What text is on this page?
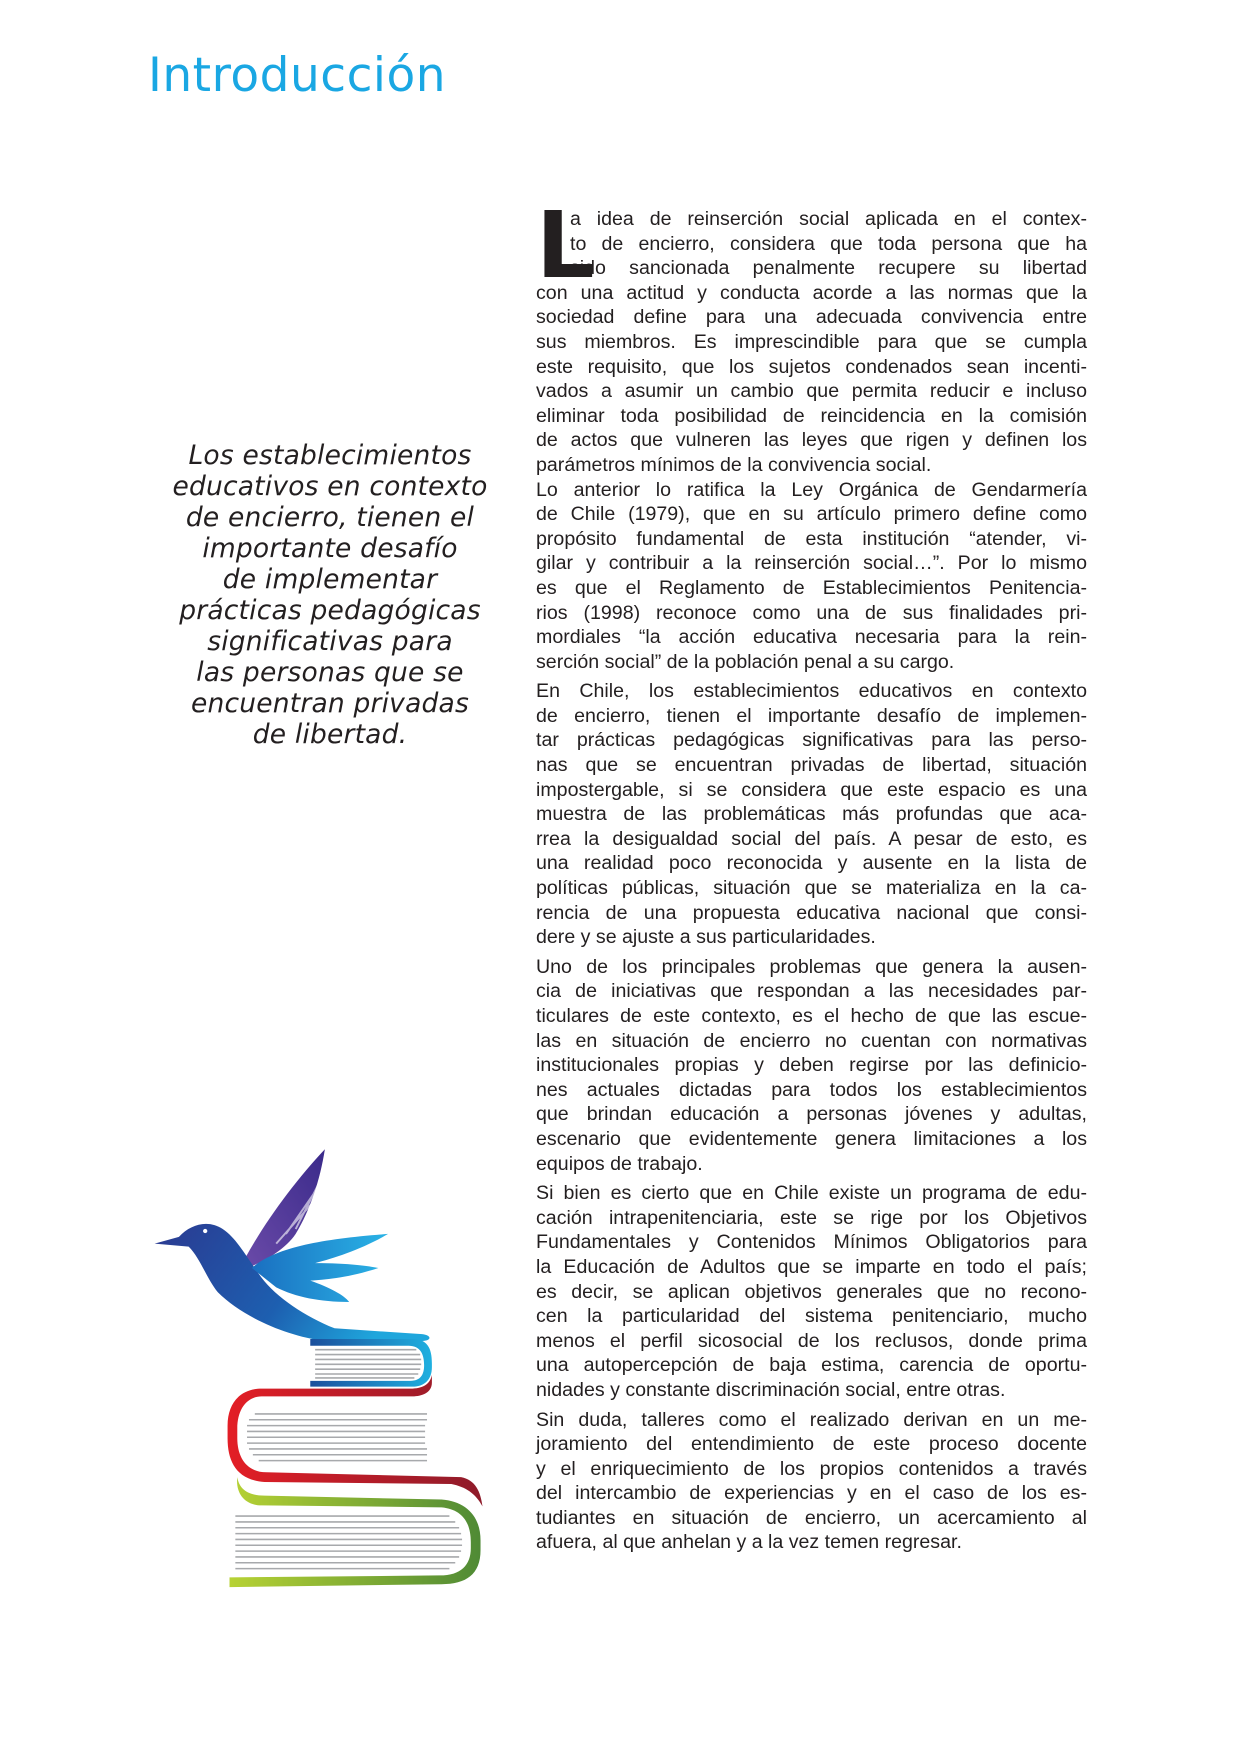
Introducción
Los establecimientos
educativos en contexto
de encierro, tienen el
importante desafío
de implementar
prácticas pedagógicas
significativas para
las personas que se
encuentran privadas
de libertad.
L
a idea de reinserción social aplicada en el contex-
to de encierro, considera que toda persona que ha
sido sancionada penalmente recupere su libertad
con una actitud y conducta acorde a las normas que la
sociedad define para una adecuada convivencia entre
sus miembros. Es imprescindible para que se cumpla
este requisito, que los sujetos condenados sean incenti-
vados a asumir un cambio que permita reducir e incluso
eliminar toda posibilidad de reincidencia en la comisión
de actos que vulneren las leyes que rigen y definen los
parámetros mínimos de la convivencia social.
Lo anterior lo ratifica la Ley Orgánica de Gendarmería
de Chile (1979), que en su artículo primero define como
propósito fundamental de esta institución “atender, vi-
gilar y contribuir a la reinserción social…”. Por lo mismo
es que el Reglamento de Establecimientos Penitencia-
rios (1998) reconoce como una de sus finalidades pri-
mordiales “la acción educativa necesaria para la rein-
serción social” de la población penal a su cargo.
En Chile, los establecimientos educativos en contexto
de encierro, tienen el importante desafío de implemen-
tar prácticas pedagógicas significativas para las perso-
nas que se encuentran privadas de libertad, situación
impostergable, si se considera que este espacio es una
muestra de las problemáticas más profundas que aca-
rrea la desigualdad social del país. A pesar de esto, es
una realidad poco reconocida y ausente en la lista de
políticas públicas, situación que se materializa en la ca-
rencia de una propuesta educativa nacional que consi-
dere y se ajuste a sus particularidades.
Uno de los principales problemas que genera la ausen-
cia de iniciativas que respondan a las necesidades par-
ticulares de este contexto, es el hecho de que las escue-
las en situación de encierro no cuentan con normativas
institucionales propias y deben regirse por las definicio-
nes actuales dictadas para todos los establecimientos
que brindan educación a personas jóvenes y adultas,
escenario que evidentemente genera limitaciones a los
equipos de trabajo.
Si bien es cierto que en Chile existe un programa de edu-
cación intrapenitenciaria, este se rige por los Objetivos
Fundamentales y Contenidos Mínimos Obligatorios para
la Educación de Adultos que se imparte en todo el país;
es decir, se aplican objetivos generales que no recono-
cen la particularidad del sistema penitenciario, mucho
menos el perfil sicosocial de los reclusos, donde prima
una autopercepción de baja estima, carencia de oportu-
nidades y constante discriminación social, entre otras.
Sin duda, talleres como el realizado derivan en un me-
joramiento del entendimiento de este proceso docente
y el enriquecimiento de los propios contenidos a través
del intercambio de experiencias y en el caso de los es-
tudiantes en situación de encierro, un acercamiento al
afuera, al que anhelan y a la vez temen regresar.
